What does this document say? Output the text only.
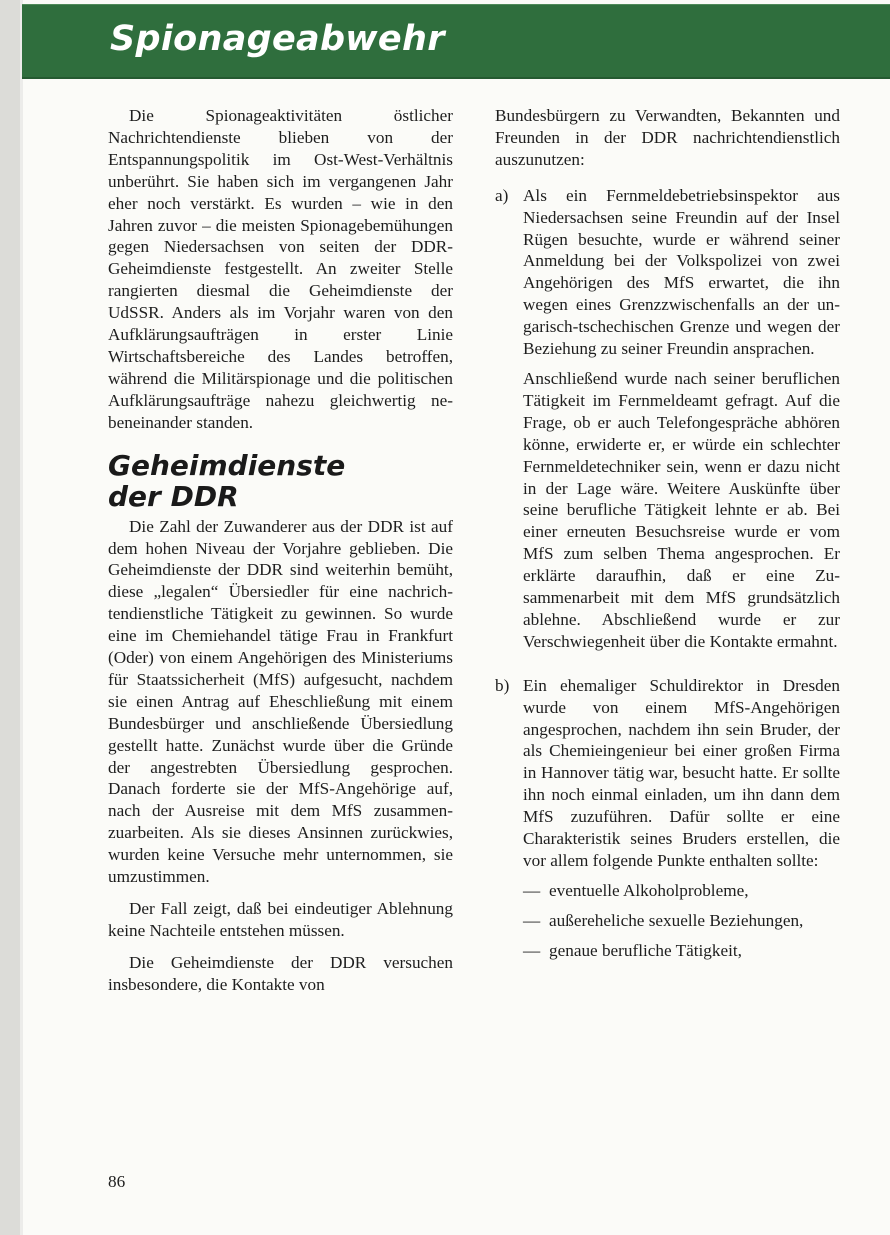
Spionageabwehr

Die Spionageaktivitäten östlicher Nachrichtendienste blieben von der Entspannungspolitik im Ost-West-Verhältnis unberührt. Sie haben sich im vergangenen Jahr eher noch verstärkt. Es wurden – wie in den Jahren zuvor – die meisten Spionagebemühungen gegen Niedersachsen von seiten der DDR-Geheimdienste festgestellt. An zweiter Stelle rangierten diesmal die Geheimdienste der UdSSR. Anders als im Vorjahr waren von den Aufklärungsaufträgen in erster Linie Wirtschaftsbereiche des Landes betroffen, während die Militärspionage und die politischen Aufklärungsaufträge nahezu gleichwertig nebeneinander standen.

Geheimdienste
der DDR

Die Zahl der Zuwanderer aus der DDR ist auf dem hohen Niveau der Vorjahre geblieben. Die Geheimdienste der DDR sind weiterhin bemüht, diese „legalen“ Übersiedler für eine nachrichtendienstliche Tätigkeit zu gewinnen. So wurde eine im Chemiehandel tätige Frau in Frankfurt (Oder) von einem Angehörigen des Ministeriums für Staatssicherheit (MfS) aufgesucht, nachdem sie einen Antrag auf Eheschließung mit einem Bundesbürger und anschließende Übersiedlung gestellt hatte. Zunächst wurde über die Gründe der angestrebten Übersiedlung gesprochen. Danach forderte sie der MfS-Angehörige auf, nach der Ausreise mit dem MfS zusammenzuarbeiten. Als sie dieses Ansinnen zurückwies, wurden keine Versuche mehr unternommen, sie umzustimmen.

Der Fall zeigt, daß bei eindeutiger Ablehnung keine Nachteile entstehen müssen.

Die Geheimdienste der DDR versuchen insbesondere, die Kontakte von

Bundesbürgern zu Verwandten, Bekannten und Freunden in der DDR nachrichtendienstlich auszunutzen:

a) Als ein Fernmeldebetriebsinspektor aus Niedersachsen seine Freundin auf der Insel Rügen besuchte, wurde er während seiner Anmeldung bei der Volkspolizei von zwei Angehörigen des MfS erwartet, die ihn wegen eines Grenzzwischenfalls an der ungarisch-tschechischen Grenze und wegen der Beziehung zu seiner Freundin ansprachen.

Anschließend wurde nach seiner beruflichen Tätigkeit im Fernmeldeamt gefragt. Auf die Frage, ob er auch Telefongespräche abhören könne, erwiderte er, er würde ein schlechter Fernmeldetechniker sein, wenn er dazu nicht in der Lage wäre. Weitere Auskünfte über seine berufliche Tätigkeit lehnte er ab. Bei einer erneuten Besuchsreise wurde er vom MfS zum selben Thema angesprochen. Er erklärte daraufhin, daß er eine Zusammenarbeit mit dem MfS grundsätzlich ablehne. Abschließend wurde er zur Verschwiegenheit über die Kontakte ermahnt.

b) Ein ehemaliger Schuldirektor in Dresden wurde von einem MfS-Angehörigen angesprochen, nachdem ihn sein Bruder, der als Chemieingenieur bei einer großen Firma in Hannover tätig war, besucht hatte. Er sollte ihn noch einmal einladen, um ihn dann dem MfS zuzuführen. Dafür sollte er eine Charakteristik seines Bruders erstellen, die vor allem folgende Punkte enthalten sollte:

— eventuelle Alkoholprobleme,
— außereheliche sexuelle Beziehungen,
— genaue berufliche Tätigkeit,
86
